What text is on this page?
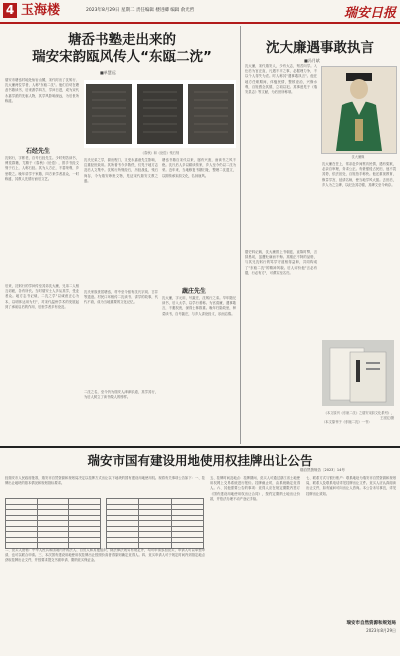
4 玉海楼	2023年8月29日 星期二 责任编辑 楼进卿 编辑 俞光哲	瑞安日报
塘岙书塾走出来的
瑞安宋韵瓯风传人“东瓯二沈”
■单慧远
瑞安市塘岙村地处仙岩山麓，宋代时出了沈躬行、沈大廉两位学者，人称"东瓯二沈"。他们自幼在塘岙书塾读书，后来游学四方，学问日进，成为宋代永嘉学派的先驱人物，其学风影响深远，为后世所称道。
石经先生
沈躬行，字彬老，自号石经先生。少时刻苦读书，博览群籍，尤精于《春秋》《论语》，曾手书经文刻于石上，人称石经。其为人方正，不慕荣利，乡里敬之。晚年讲学于家塾，四方来学者甚众，一时称盛，其教人先德行而后文艺。
《春秋》和《论语》残石刻
沈氏兄弟之学，源出程门，又受永嘉诸先生影响，注重经世致用。其所著书今多散佚，仅见于地方志及后人文集中。沈躬行所刻经石，历经战乱，残石尚存，今为瑞安珍贵文物，见证宋代瑞安文教之盛。
塘岙书塾自宋代以来，屡有兴废，而读书之风不绝。沈氏后人多以耕读传家，乡人至今仍以二沈为荣。近年来，当地修复书塾旧址，整理二沈遗文，以期传承宋韵文化，弘扬瓯风。
后来，沈躬行的学问传至其弟沈大廉，兄弟二人相互切磋，各有所长。当时瑞安士人多从其学，受业者众。地方志书记载，二沈之学"以诚意正心为本，以明体达用为归"，对宋代温州学术的发展起到了承前启后的作用，后世学者多有论及。
沈氏家族世居塘岙，村中至今留有沈氏宗祠、古井等遗迹。村民口耳相传二沈读书、讲学的故事，代代不衰，成为当地重要的文化记忆。
蔬庄先生
沈大廉，字元用，号蔬庄，沈躬行之弟。早年随兄读书，后入太学，以学行著称。为官清廉，遇事敢言，不避权贵，深得士林推重。晚年归隐故里，种菜读书，自号蔬庄，与乡人讲论经义，乐而忘倦。
二沈之名，至今仍为瑞安人津津乐道，其学其行，为后人树立了读书做人的榜样。
沈大廉遇事敢执言
■冯月斌
沈大廉，宋代瑞安人，少有大志，刻苦向学。入仕后为官正直，凡遇不平之事，必据理力争，不以个人得失为虑。时人称其"遇事敢执言"。他在地方任职期间，体恤民情，整顿吏治，兴修水利，百姓感念其德，立祠以祀。其事迹见于《瑞安县志》等文献，为后世所称颂。
沈大廉像
据史料记载，沈大廉曾上书朝廷，直陈时弊，言辞恳切，虽遭贬谪而不悔。其刚正不阿的品格，与其兄沈躬行的笃学守道相得益彰，共同构成了"东瓯二沈"的精神风貌。后人评价他"言必有据，行必有方"，可谓实至名归。
沈大廉在任上，常亲赴乡间察访民情，遇有冤狱，必亲自审理，务求公正。有豪强侵占民田，他不畏其势，依法惩处，百姓拍手称快。他还重视教育，修葺学宫，延请名师，使当地学风大振。去世后，乡人为之立碑，以纪念其功德，其碑文至今尚存。
《本文原刊《东瓯二沈》之瑞安宋韵文化系列》，王旭宏/摄
（本文原刊于《东瓯二沈》一书）
瑞安市国有建设用地使用权挂牌出让公告
瑞自然资规告〔2023〕14号
经瑞安市人民政府批准，瑞安市自然资源和规划局决定以挂牌方式出让以下地块的国有建设用地使用权。现将有关事项公告如下：一、挂牌出让地块的基本情况和规划指标要求。

二、竞买人资格：中华人民共和国境内外的法人、自然人和其他组织，除法律法规另有规定外，均可申请参加竞买，申请人可以单独申请，也可以联合申请。三、本次国有建设用地使用权挂牌出让按照价高者得原则确定竞得人。四、竞买申请人可于规定时间内到指定地点获取挂牌出让文件，并按要求提交书面申请、缴纳竞买保证金。
五、挂牌时间及地点：挂牌期间，竞买人可通过浙江省土地使用权网上交易系统进行报价。挂牌截止时，由系统确定竞得人。六、其他需要公告的事项：竞得人应在规定期限内签订《国有建设用地使用权出让合同》，按约定缴纳土地出让价款，并依法办理不动产登记手续。
七、联系方式与银行账户：联系地址为瑞安市自然资源和规划局，联系人及联系电话详见挂牌出让文件。竞买人应认真阅读出让文件，如有疑问可向出让人咨询。本公告未尽事宜，详见挂牌出让须知。
瑞安市自然资源和规划局
2023年8月29日
